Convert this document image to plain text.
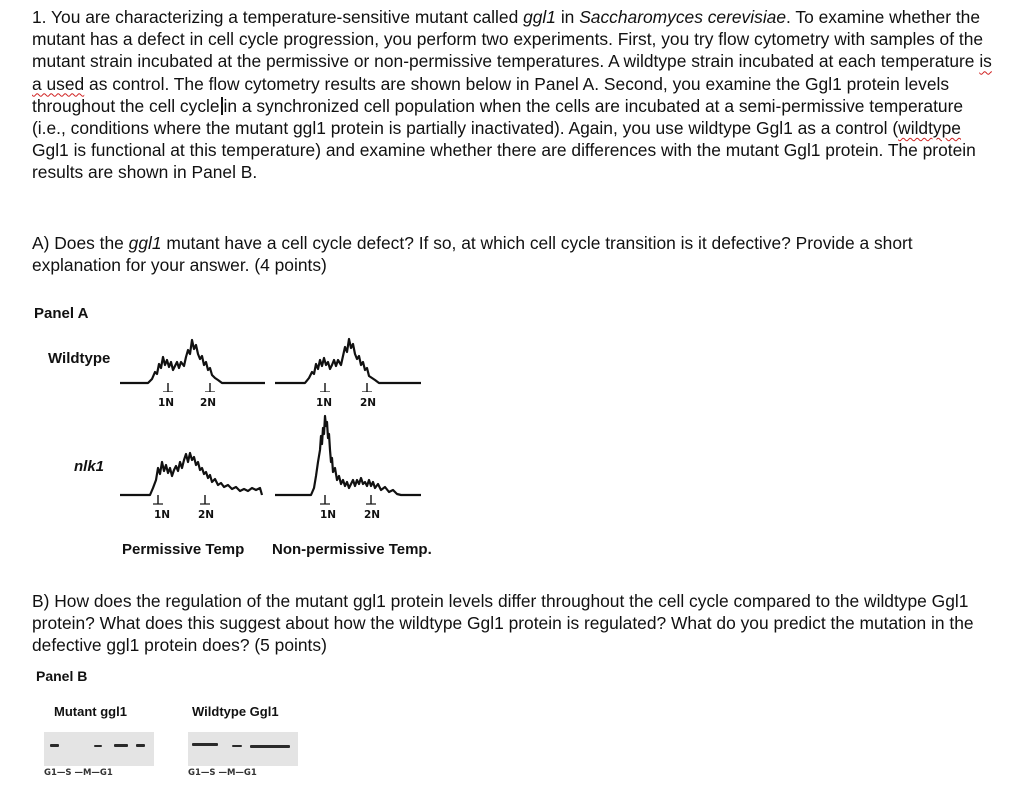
1. You are characterizing a temperature-sensitive mutant called ggl1 in Saccharomyces cerevisiae. To examine whether the mutant has a defect in cell cycle progression, you perform two experiments. First, you try flow cytometry with samples of the mutant strain incubated at the permissive or non-permissive temperatures. A wildtype strain incubated at each temperature is a used as control. The flow cytometry results are shown below in Panel A. Second, you examine the Ggl1 protein levels throughout the cell cycle in a synchronized cell population when the cells are incubated at a semi-permissive temperature (i.e., conditions where the mutant ggl1 protein is partially inactivated). Again, you use wildtype Ggl1 as a control (wildtype Ggl1 is functional at this temperature) and examine whether there are differences with the mutant Ggl1 protein. The protein results are shown in Panel B.

A) Does the ggl1 mutant have a cell cycle defect? If so, at which cell cycle transition is it defective? Provide a short explanation for your answer. (4 points)

Panel A
Wildtype
nlk1
1N 2N	1N	2N
1N	2N	1N	2N
Permissive Temp Non-permissive Temp.

B) How does the regulation of the mutant ggl1 protein levels differ throughout the cell cycle compared to the wildtype Ggl1 protein? What does this suggest about how the wildtype Ggl1 protein is regulated? What do you predict the mutation in the defective ggl1 protein does? (5 points)

Panel B
Mutant ggl1	Wildtype Ggl1
G1—S —M—G1	G1—S —M—G1
